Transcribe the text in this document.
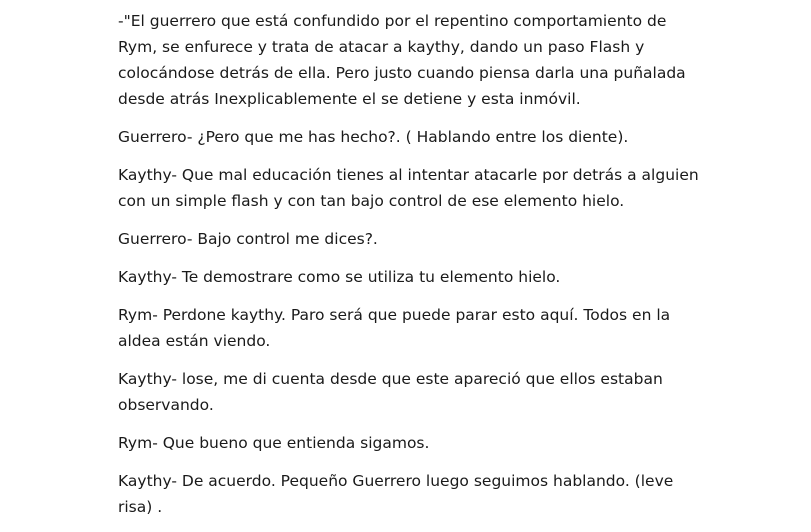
-"El guerrero que está confundido por el repentino comportamiento de
Rym, se enfurece y trata de atacar a kaythy, dando un paso Flash y
colocándose detrás de ella. Pero justo cuando piensa darla una puñalada
desde atrás Inexplicablemente el se detiene y esta inmóvil.

Guerrero- ¿Pero que me has hecho?. ( Hablando entre los diente).

Kaythy- Que mal educación tienes al intentar atacarle por detrás a alguien
con un simple flash y con tan bajo control de ese elemento hielo.

Guerrero- Bajo control me dices?.

Kaythy- Te demostrare como se utiliza tu elemento hielo.

Rym- Perdone kaythy. Paro será que puede parar esto aquí. Todos en la
aldea están viendo.

Kaythy- lose, me di cuenta desde que este apareció que ellos estaban
observando.

Rym- Que bueno que entienda sigamos.

Kaythy- De acuerdo. Pequeño Guerrero luego seguimos hablando. (leve
risa) .
